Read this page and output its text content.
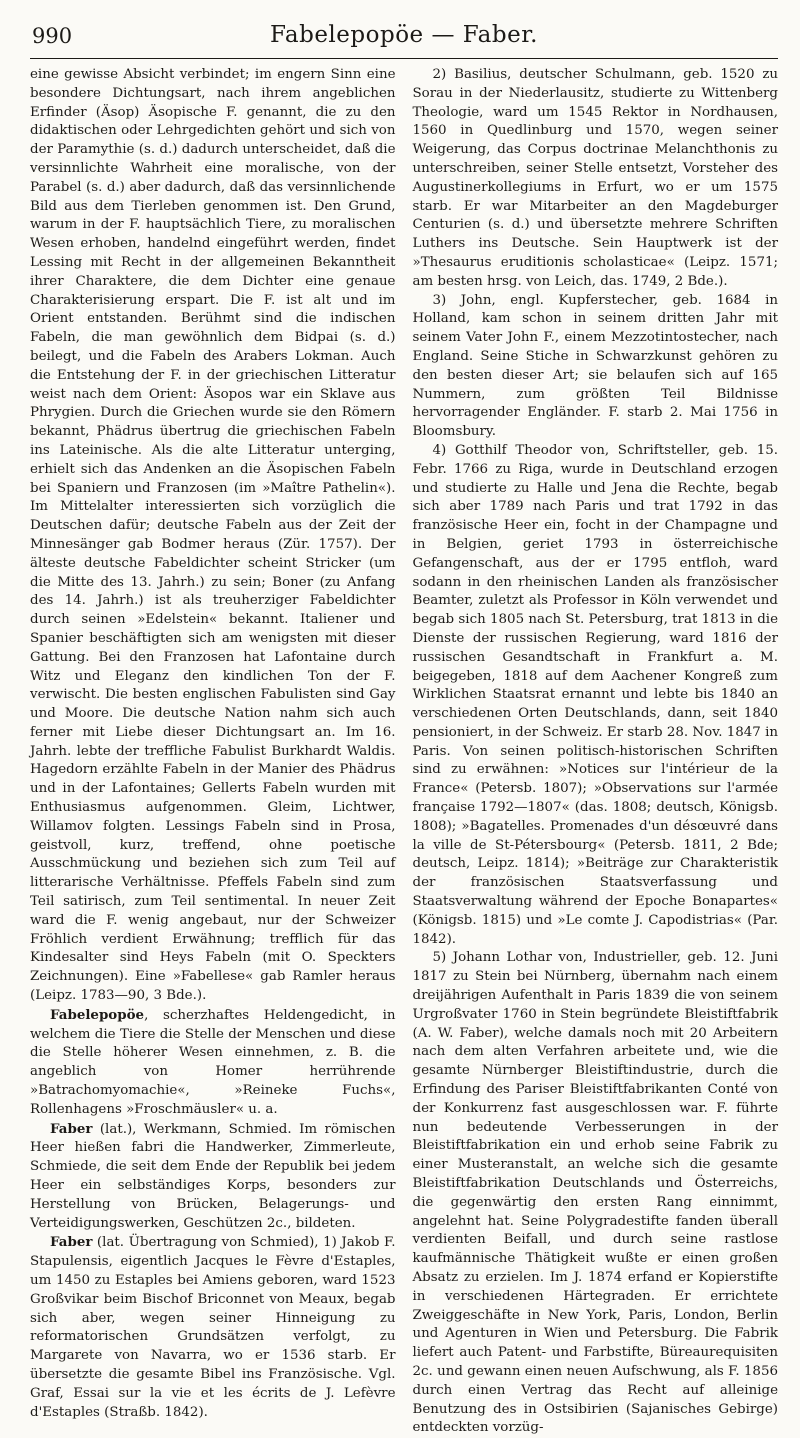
990	Fabelepopöe — Faber.

eine gewisse Absicht verbindet; im engern Sinn eine besondere Dichtungsart, nach ihrem angeblichen Erfinder (Äsop) Äsopische F. genannt, die zu den didaktischen oder Lehrgedichten gehört und sich von der Paramythie (s. d.) dadurch unterscheidet, daß die versinnlichte Wahrheit eine moralische, von der Parabel (s. d.) aber dadurch, daß das versinnlichende Bild aus dem Tierleben genommen ist. Den Grund, warum in der F. hauptsächlich Tiere, zu moralischen Wesen erhoben, handelnd eingeführt werden, findet Lessing mit Recht in der allgemeinen Bekanntheit ihrer Charaktere, die dem Dichter eine genaue Charakterisierung erspart. Die F. ist alt und im Orient entstanden. Berühmt sind die indischen Fabeln, die man gewöhnlich dem Bidpai (s. d.) beilegt, und die Fabeln des Arabers Lokman. Auch die Entstehung der F. in der griechischen Litteratur weist nach dem Orient: Äsopos war ein Sklave aus Phrygien. Durch die Griechen wurde sie den Römern bekannt, Phädrus übertrug die griechischen Fabeln ins Lateinische. Als die alte Litteratur unterging, erhielt sich das Andenken an die Äsopischen Fabeln bei Spaniern und Franzosen (im »Maître Pathelin«). Im Mittelalter interessierten sich vorzüglich die Deutschen dafür; deutsche Fabeln aus der Zeit der Minnesänger gab Bodmer heraus (Zür. 1757). Der älteste deutsche Fabeldichter scheint Stricker (um die Mitte des 13. Jahrh.) zu sein; Boner (zu Anfang des 14. Jahrh.) ist als treuherziger Fabeldichter durch seinen »Edelstein« bekannt. Italiener und Spanier beschäftigten sich am wenigsten mit dieser Gattung. Bei den Franzosen hat Lafontaine durch Witz und Eleganz den kindlichen Ton der F. verwischt. Die besten englischen Fabulisten sind Gay und Moore. Die deutsche Nation nahm sich auch ferner mit Liebe dieser Dichtungsart an. Im 16. Jahrh. lebte der treffliche Fabulist Burkhardt Waldis. Hagedorn erzählte Fabeln in der Manier des Phädrus und in der Lafontaines; Gellerts Fabeln wurden mit Enthusiasmus aufgenommen. Gleim, Lichtwer, Willamov folgten. Lessings Fabeln sind in Prosa, geistvoll, kurz, treffend, ohne poetische Ausschmückung und beziehen sich zum Teil auf litterarische Verhältnisse. Pfeffels Fabeln sind zum Teil satirisch, zum Teil sentimental. In neuer Zeit ward die F. wenig angebaut, nur der Schweizer Fröhlich verdient Erwähnung; trefflich für das Kindesalter sind Heys Fabeln (mit O. Speckters Zeichnungen). Eine »Fabellese« gab Ramler heraus (Leipz. 1783—90, 3 Bde.).

Fabelepopöe, scherzhaftes Heldengedicht, in welchem die Tiere die Stelle der Menschen und diese die Stelle höherer Wesen einnehmen, z. B. die angeblich von Homer herrührende »Batrachomyomachie«, »Reineke Fuchs«, Rollenhagens »Froschmäusler« u. a.

Faber (lat.), Werkmann, Schmied. Im römischen Heer hießen fabri die Handwerker, Zimmerleute, Schmiede, die seit dem Ende der Republik bei jedem Heer ein selbständiges Korps, besonders zur Herstellung von Brücken, Belagerungs- und Verteidigungswerken, Geschützen 2c., bildeten.

Faber (lat. Übertragung von Schmied), 1) Jakob F. Stapulensis, eigentlich Jacques le Fèvre d'Estaples, um 1450 zu Estaples bei Amiens geboren, ward 1523 Großvikar beim Bischof Briconnet von Meaux, begab sich aber, wegen seiner Hinneigung zu reformatorischen Grundsätzen verfolgt, zu Margarete von Navarra, wo er 1536 starb. Er übersetzte die gesamte Bibel ins Französische. Vgl. Graf, Essai sur la vie et les écrits de J. Lefèvre d'Estaples (Straßb. 1842).

2) Basilius, deutscher Schulmann, geb. 1520 zu Sorau in der Niederlausitz, studierte zu Wittenberg Theologie, ward um 1545 Rektor in Nordhausen, 1560 in Quedlinburg und 1570, wegen seiner Weigerung, das Corpus doctrinae Melanchthonis zu unterschreiben, seiner Stelle entsetzt, Vorsteher des Augustinerkollegiums in Erfurt, wo er um 1575 starb. Er war Mitarbeiter an den Magdeburger Centurien (s. d.) und übersetzte mehrere Schriften Luthers ins Deutsche. Sein Hauptwerk ist der »Thesaurus eruditionis scholasticae« (Leipz. 1571; am besten hrsg. von Leich, das. 1749, 2 Bde.).

3) John, engl. Kupferstecher, geb. 1684 in Holland, kam schon in seinem dritten Jahr mit seinem Vater John F., einem Mezzotintostecher, nach England. Seine Stiche in Schwarzkunst gehören zu den besten dieser Art; sie belaufen sich auf 165 Nummern, zum größten Teil Bildnisse hervorragender Engländer. F. starb 2. Mai 1756 in Bloomsbury.

4) Gotthilf Theodor von, Schriftsteller, geb. 15. Febr. 1766 zu Riga, wurde in Deutschland erzogen und studierte zu Halle und Jena die Rechte, begab sich aber 1789 nach Paris und trat 1792 in das französische Heer ein, focht in der Champagne und in Belgien, geriet 1793 in österreichische Gefangenschaft, aus der er 1795 entfloh, ward sodann in den rheinischen Landen als französischer Beamter, zuletzt als Professor in Köln verwendet und begab sich 1805 nach St. Petersburg, trat 1813 in die Dienste der russischen Regierung, ward 1816 der russischen Gesandtschaft in Frankfurt a. M. beigegeben, 1818 auf dem Aachener Kongreß zum Wirklichen Staatsrat ernannt und lebte bis 1840 an verschiedenen Orten Deutschlands, dann, seit 1840 pensioniert, in der Schweiz. Er starb 28. Nov. 1847 in Paris. Von seinen politisch-historischen Schriften sind zu erwähnen: »Notices sur l'intérieur de la France« (Petersb. 1807); »Observations sur l'armée française 1792—1807« (das. 1808; deutsch, Königsb. 1808); »Bagatelles. Promenades d'un désœuvré dans la ville de St-Pétersbourg« (Petersb. 1811, 2 Bde; deutsch, Leipz. 1814); »Beiträge zur Charakteristik der französischen Staatsverfassung und Staatsverwaltung während der Epoche Bonapartes« (Königsb. 1815) und »Le comte J. Capodistrias« (Par. 1842).

5) Johann Lothar von, Industrieller, geb. 12. Juni 1817 zu Stein bei Nürnberg, übernahm nach einem dreijährigen Aufenthalt in Paris 1839 die von seinem Urgroßvater 1760 in Stein begründete Bleistiftfabrik (A. W. Faber), welche damals noch mit 20 Arbeitern nach dem alten Verfahren arbeitete und, wie die gesamte Nürnberger Bleistiftindustrie, durch die Erfindung des Pariser Bleistiftfabrikanten Conté von der Konkurrenz fast ausgeschlossen war. F. führte nun bedeutende Verbesserungen in der Bleistiftfabrikation ein und erhob seine Fabrik zu einer Musteranstalt, an welche sich die gesamte Bleistiftfabrikation Deutschlands und Österreichs, die gegenwärtig den ersten Rang einnimmt, angelehnt hat. Seine Polygradestifte fanden überall verdienten Beifall, und durch seine rastlose kaufmännische Thätigkeit wußte er einen großen Absatz zu erzielen. Im J. 1874 erfand er Kopierstifte in verschiedenen Härtegraden. Er errichtete Zweiggeschäfte in New York, Paris, London, Berlin und Agenturen in Wien und Petersburg. Die Fabrik liefert auch Patent- und Farbstifte, Büreaurequisiten 2c. und gewann einen neuen Aufschwung, als F. 1856 durch einen Vertrag das Recht auf alleinige Benutzung des in Ostsibirien (Sajanisches Gebirge) entdeckten vorzüg-
